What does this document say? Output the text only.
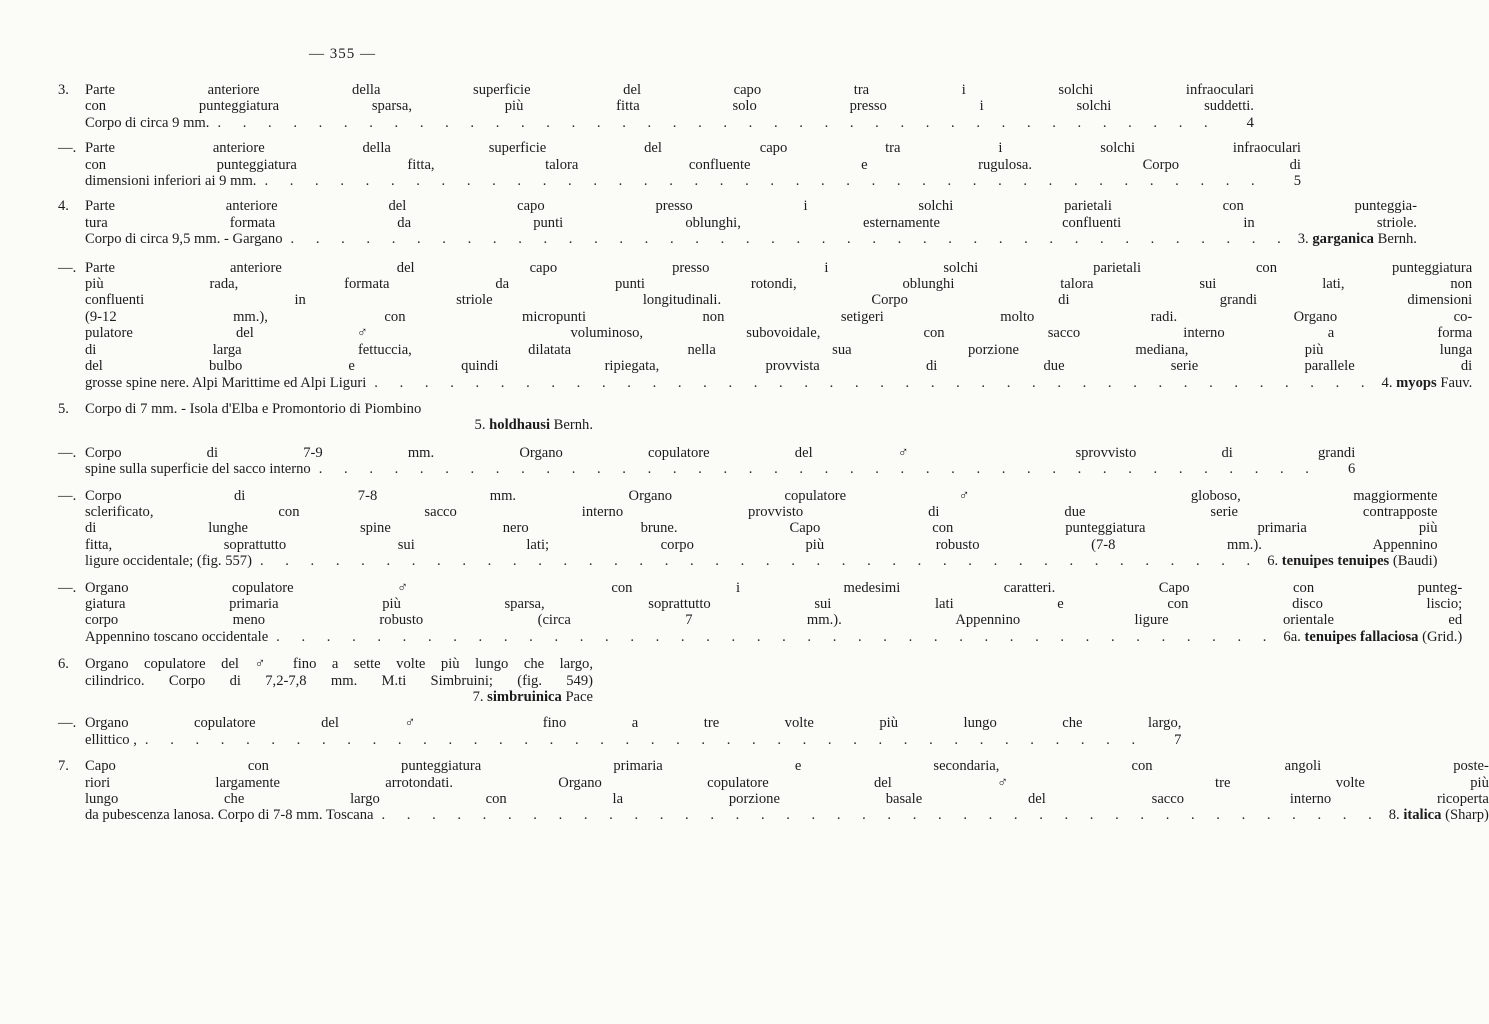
— 355 —
3.	Parte anteriore della superficie del capo tra i solchi infraoculari
con punteggiatura sparsa, più fitta solo presso i solchi suddetti.
Corpo di circa 9 mm. . . . . . . . . . . . . . . . . . . . . . . . . . . . . . . . . . . . . . . . .	4
—. Parte anteriore della superficie del capo tra i solchi infraoculari
con punteggiatura fitta, talora confluente e rugulosa. Corpo di
dimensioni inferiori ai 9 mm. . . . . . . . . . . . . . . . . . . . . . . . . . . . . . . . . . . . . . . . .	5
4.	Parte anteriore del capo presso i solchi parietali con punteggia-
tura formata da punti oblunghi, esternamente confluenti in striole.
Corpo di circa 9,5 mm. - Gargano . . . . . . . . . . . . . . . . . . . . . . . . . . . . . . . . . . . . . . . . 3. garganica Bernh.
—. Parte anteriore del capo presso i solchi parietali con punteggiatura
più rada, formata da punti rotondi, oblunghi talora sui lati, non
confluenti in striole longitudinali. Corpo di grandi dimensioni
(9-12 mm.), con micropunti non setigeri molto radi. Organo co-
pulatore del ♂ voluminoso, subovoidale, con sacco interno a forma
di larga fettuccia, dilatata nella sua porzione mediana, più lunga
del bulbo e quindi ripiegata, provvista di due serie parallele di
grosse spine nere. Alpi Marittime ed Alpi Liguri . . . . . . . . . . . . . . . . . . . . . . . . . . . . . . . . . . . . . . . . 4. myops Fauv.
5.	Corpo di 7 mm. - Isola d'Elba e Promontorio di Piombino
5. holdhausi Bernh.
—. Corpo di 7-9 mm. Organo copulatore del ♂ sprovvisto di grandi
spine sulla superficie del sacco interno . . . . . . . . . . . . . . . . . . . . . . . . . . . . . . . . . . . . . . . .	6
—. Corpo di 7-8 mm. Organo copulatore ♂ globoso, maggiormente
sclerificato, con sacco interno provvisto di due serie contrapposte
di lunghe spine nero brune. Capo con punteggiatura primaria più
fitta, soprattutto sui lati; corpo più robusto (7-8 mm.). Appennino
ligure occidentale; (fig. 557) . . . . . . . . . . . . . . . . . . . . . . . . . . . . . . . . . . . . . . . . 6. tenuipes tenuipes (Baudi)
—. Organo copulatore ♂ con i medesimi caratteri. Capo con punteg-
giatura primaria più sparsa, soprattutto sui lati e con disco liscio;
corpo meno robusto (circa 7 mm.). Appennino ligure orientale ed
Appennino toscano occidentale . . . . . . . . . . . . . . . . . . . . . . . . . . . . . . . . . . . . . . . . 6a. tenuipes fallaciosa (Grid.)
6.	Organo copulatore del ♂ fino a sette volte più lungo che largo,
cilindrico. Corpo di 7,2-7,8 mm. M.ti Simbruini; (fig. 549)
7. simbruinica Pace
—. Organo copulatore del ♂ fino a tre volte più lungo che largo,
ellittico , . . . . . . . . . . . . . . . . . . . . . . . . . . . . . . . . . . . . . . . .	7
7.	Capo con punteggiatura primaria e secondaria, con angoli poste-
riori largamente arrotondati. Organo copulatore del ♂ tre volte più
lungo che largo con la porzione basale del sacco interno ricoperta
da pubescenza lanosa. Corpo di 7-8 mm. Toscana . . . . . . . . . . . . . . . . . . . . . . . . . . . . . . . . . . . . . . . . 8. italica (Sharp)
